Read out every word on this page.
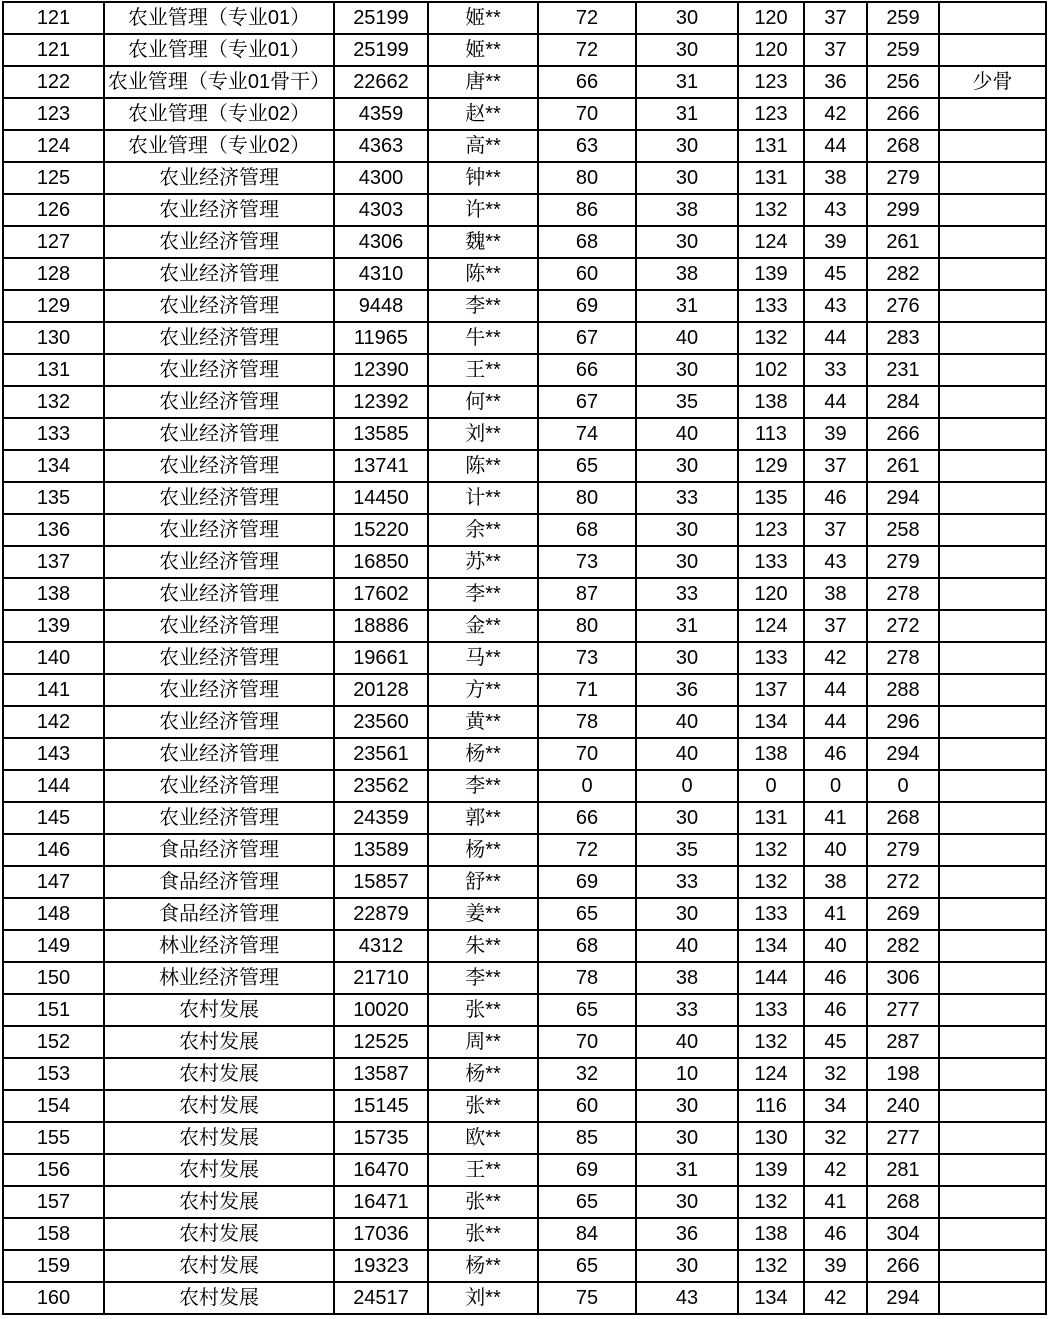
121	农业管理（专业01）	25199	姬**	72	30	120	37	259	
121	农业管理（专业01）	25199	姬**	72	30	120	37	259	
122	农业管理（专业01骨干）	22662	唐**	66	31	123	36	256	少骨
123	农业管理（专业02）	4359	赵**	70	31	123	42	266	
124	农业管理（专业02）	4363	高**	63	30	131	44	268	
125	农业经济管理	4300	钟**	80	30	131	38	279	
126	农业经济管理	4303	许**	86	38	132	43	299	
127	农业经济管理	4306	魏**	68	30	124	39	261	
128	农业经济管理	4310	陈**	60	38	139	45	282	
129	农业经济管理	9448	李**	69	31	133	43	276	
130	农业经济管理	11965	牛**	67	40	132	44	283	
131	农业经济管理	12390	王**	66	30	102	33	231	
132	农业经济管理	12392	何**	67	35	138	44	284	
133	农业经济管理	13585	刘**	74	40	113	39	266	
134	农业经济管理	13741	陈**	65	30	129	37	261	
135	农业经济管理	14450	计**	80	33	135	46	294	
136	农业经济管理	15220	余**	68	30	123	37	258	
137	农业经济管理	16850	苏**	73	30	133	43	279	
138	农业经济管理	17602	李**	87	33	120	38	278	
139	农业经济管理	18886	金**	80	31	124	37	272	
140	农业经济管理	19661	马**	73	30	133	42	278	
141	农业经济管理	20128	方**	71	36	137	44	288	
142	农业经济管理	23560	黄**	78	40	134	44	296	
143	农业经济管理	23561	杨**	70	40	138	46	294	
144	农业经济管理	23562	李**	0	0	0	0	0	
145	农业经济管理	24359	郭**	66	30	131	41	268	
146	食品经济管理	13589	杨**	72	35	132	40	279	
147	食品经济管理	15857	舒**	69	33	132	38	272	
148	食品经济管理	22879	姜**	65	30	133	41	269	
149	林业经济管理	4312	朱**	68	40	134	40	282	
150	林业经济管理	21710	李**	78	38	144	46	306	
151	农村发展	10020	张**	65	33	133	46	277	
152	农村发展	12525	周**	70	40	132	45	287	
153	农村发展	13587	杨**	32	10	124	32	198	
154	农村发展	15145	张**	60	30	116	34	240	
155	农村发展	15735	欧**	85	30	130	32	277	
156	农村发展	16470	王**	69	31	139	42	281	
157	农村发展	16471	张**	65	30	132	41	268	
158	农村发展	17036	张**	84	36	138	46	304	
159	农村发展	19323	杨**	65	30	132	39	266	
160	农村发展	24517	刘**	75	43	134	42	294	
